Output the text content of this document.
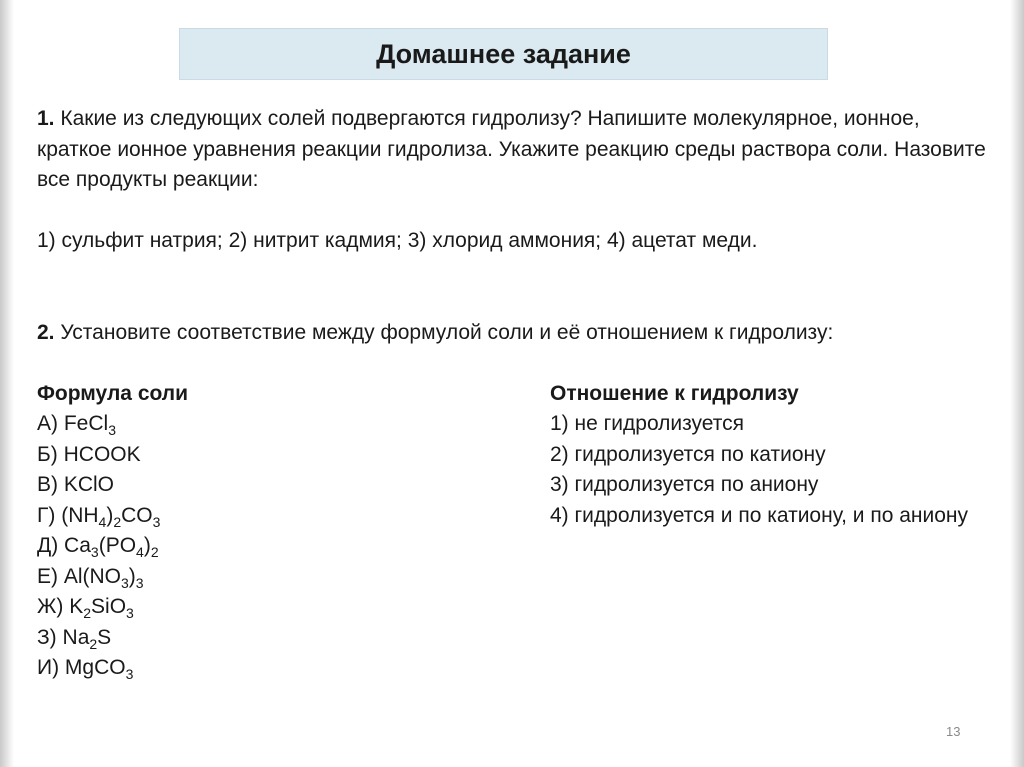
Домашнее задание

1. Какие из следующих солей подвергаются гидролизу? Напишите молекулярное, ионное, краткое ионное уравнения реакции гидролиза. Укажите реакцию среды раствора соли. Назовите все продукты реакции:

1) сульфит натрия; 2) нитрит кадмия; 3) хлорид аммония; 4) ацетат меди.

2. Установите соответствие между формулой соли и её отношением к гидролизу:

Формула соли
А) FeCl$_3$
Б) HCOOK
В) KClO
Г) $(NH_4)_2CO_3$
Д) $Ca_3(PO_4)_2$
Е) $Al(NO_3)_3$
Ж) $K_2SiO_3$
З) $Na_2S$
И) MgCO$_3$
Отношение к гидролизу
1) не гидролизуется
2) гидролизуется по катиону
3) гидролизуется по аниону
4) гидролизуется и по катиону, и по аниону
13
